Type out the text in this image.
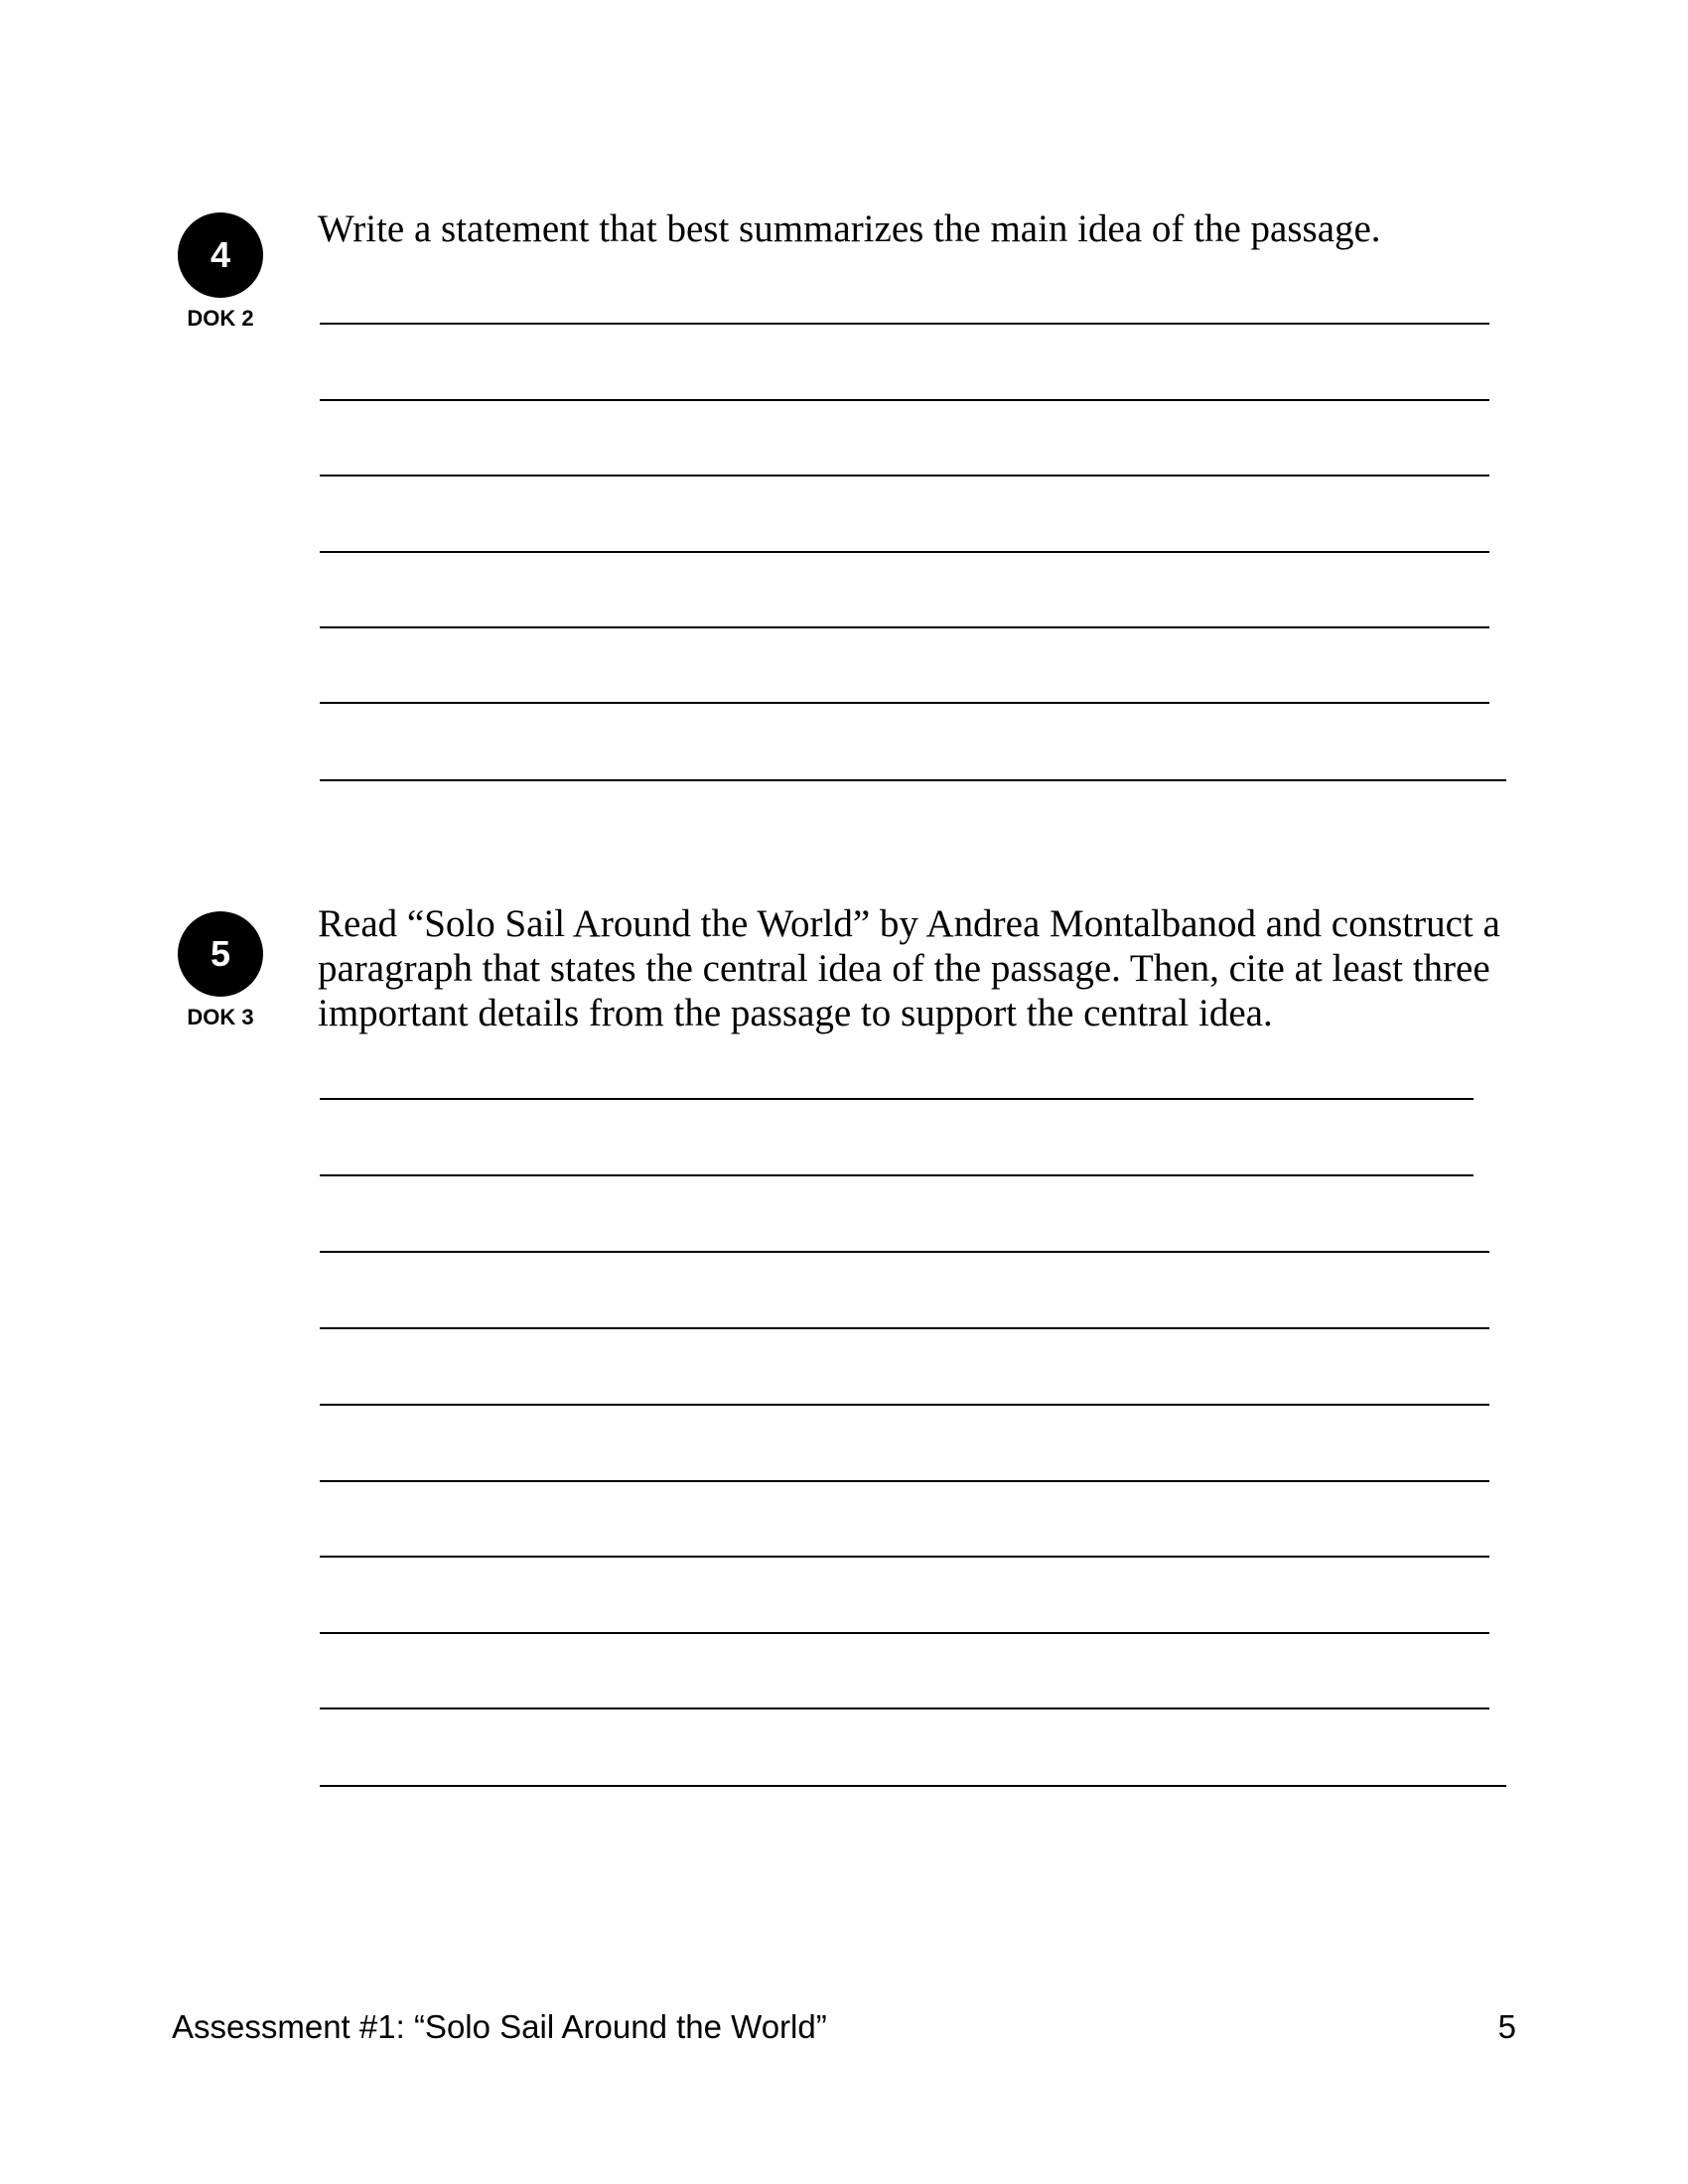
4
DOK 2
Write a statement that best summarizes the main idea of the passage.
5
DOK 3
Read “Solo Sail Around the World” by Andrea Montalbanod and construct a paragraph that states the central idea of the passage. Then, cite at least three important details from the passage to support the central idea.
Assessment #1: “Solo Sail Around the World”	5
